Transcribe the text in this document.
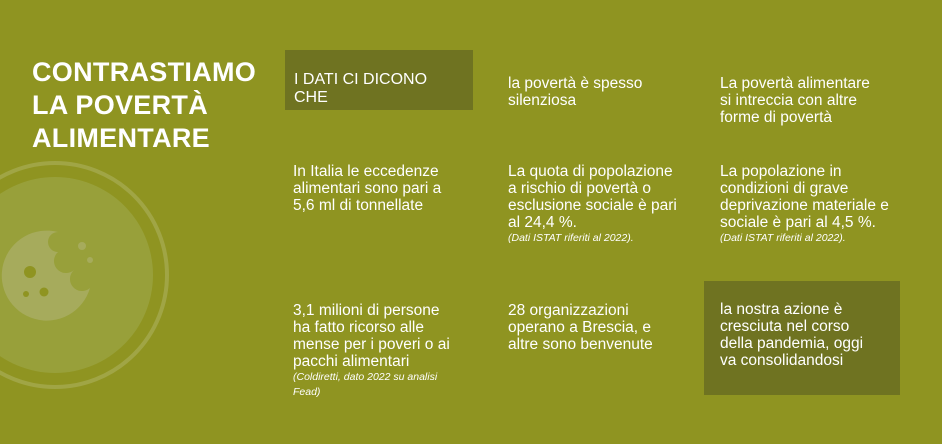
CONTRASTIAMO
LA POVERTÀ
ALIMENTARE
I DATI CI DICONO CHE
la povertà è spesso
silenziosa
La povertà alimentare
si intreccia con altre
forme di povertà
In Italia le eccedenze
alimentari sono pari a
5,6 ml di tonnellate
La quota di popolazione
a rischio di povertà o
esclusione sociale è pari
al 24,4 %.
(Dati ISTAT riferiti al 2022).
La popolazione in
condizioni di grave
deprivazione materiale e
sociale è pari al 4,5 %.
(Dati ISTAT riferiti al 2022).
3,1 milioni di persone
ha fatto ricorso alle
mense per i poveri o ai
pacchi alimentari
(Coldiretti, dato 2022 su analisi
Fead)
28 organizzazioni
operano a Brescia, e
altre sono benvenute
la nostra azione è
cresciuta nel corso
della pandemia, oggi
va consolidandosi
